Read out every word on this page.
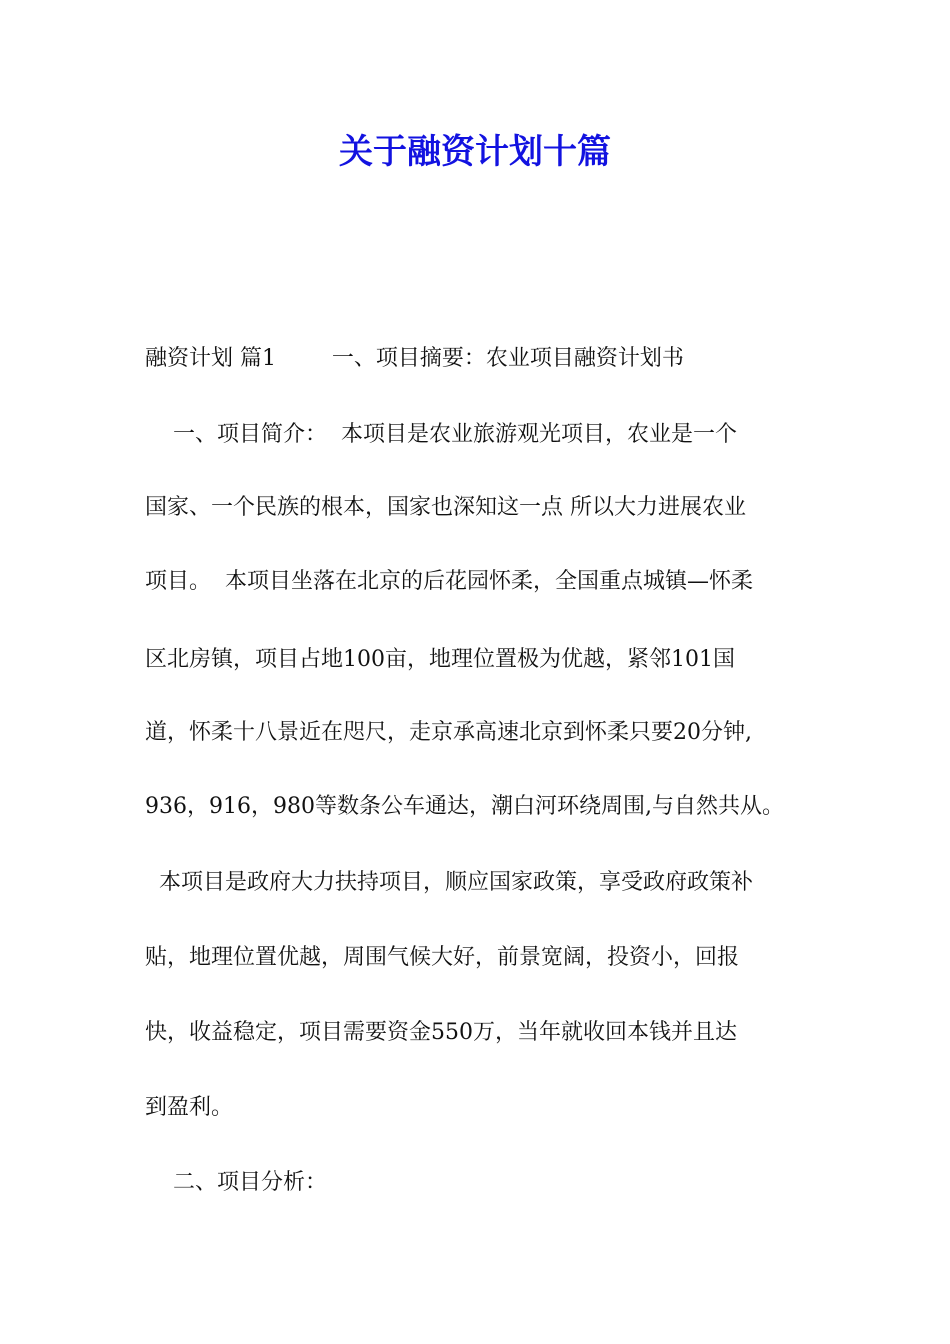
关于融资计划十篇

融资计划 篇1        一、项目摘要：农业项目融资计划书

一、项目简介：  本项目是农业旅游观光项目，农业是一个

国家、一个民族的根本，国家也深知这一点 所以大力进展农业

项目。  本项目坐落在北京的后花园怀柔，全国重点城镇—怀柔

区北房镇，项目占地100亩，地理位置极为优越，紧邻101国

道，怀柔十八景近在咫尺，走京承高速北京到怀柔只要20分钟,

936，916，980等数条公车通达，潮白河环绕周围,与自然共从。

本项目是政府大力扶持项目，顺应国家政策，享受政府政策补

贴，地理位置优越，周围气候大好，前景宽阔，投资小，回报

快，收益稳定，项目需要资金550万，当年就收回本钱并且达

到盈利。

二、项目分析：
